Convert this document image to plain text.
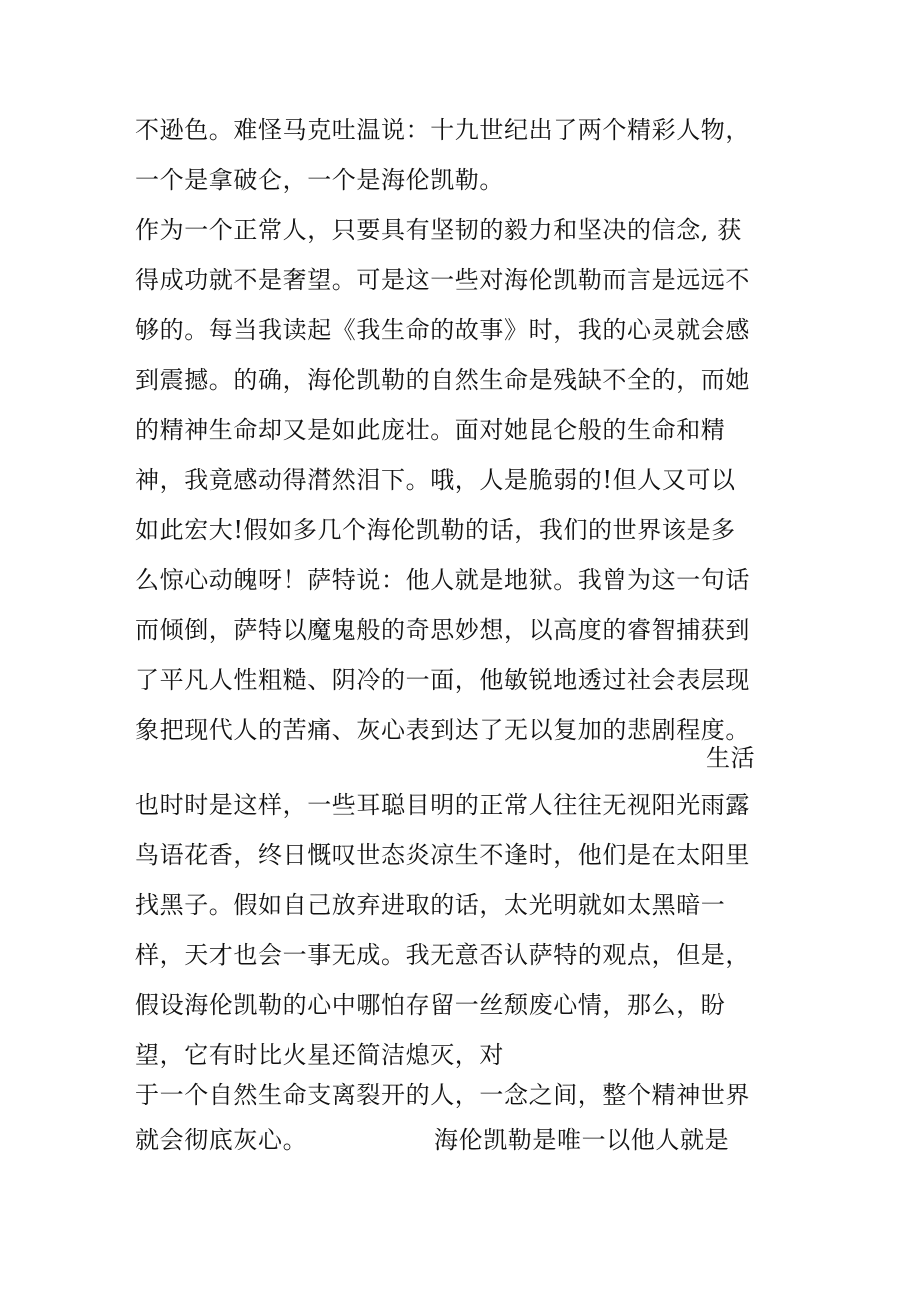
不逊色。难怪马克吐温说：十九世纪出了两个精彩人物，
一个是拿破仑，一个是海伦凯勒。
作为一个正常人，只要具有坚韧的毅力和坚决的信念, 获
得成功就不是奢望。可是这一些对海伦凯勒而言是远远不
够的。每当我读起《我生命的故事》时，我的心灵就会感
到震撼。的确，海伦凯勒的自然生命是残缺不全的，而她
的精神生命却又是如此庞壮。面对她昆仑般的生命和精
神，我竟感动得潸然泪下。哦，人是脆弱的!但人又可以
如此宏大!假如多几个海伦凯勒的话，我们的世界该是多
么惊心动魄呀！萨特说：他人就是地狱。我曾为这一句话
而倾倒，萨特以魔鬼般的奇思妙想，以高度的睿智捕获到
了平凡人性粗糙、阴冷的一面，他敏锐地透过社会表层现
象把现代人的苦痛、灰心表到达了无以复加的悲剧程度。
生活
也时时是这样，一些耳聪目明的正常人往往无视阳光雨露
鸟语花香，终日慨叹世态炎凉生不逢时，他们是在太阳里
找黑子。假如自己放弃进取的话，太光明就如太黑暗一
样，天才也会一事无成。我无意否认萨特的观点，但是，
假设海伦凯勒的心中哪怕存留一丝颓废心情，那么，盼
望，它有时比火星还简洁熄灭，对
于一个自然生命支离裂开的人，一念之间，整个精神世界
就会彻底灰心。	海伦凯勒是唯一以他人就是
